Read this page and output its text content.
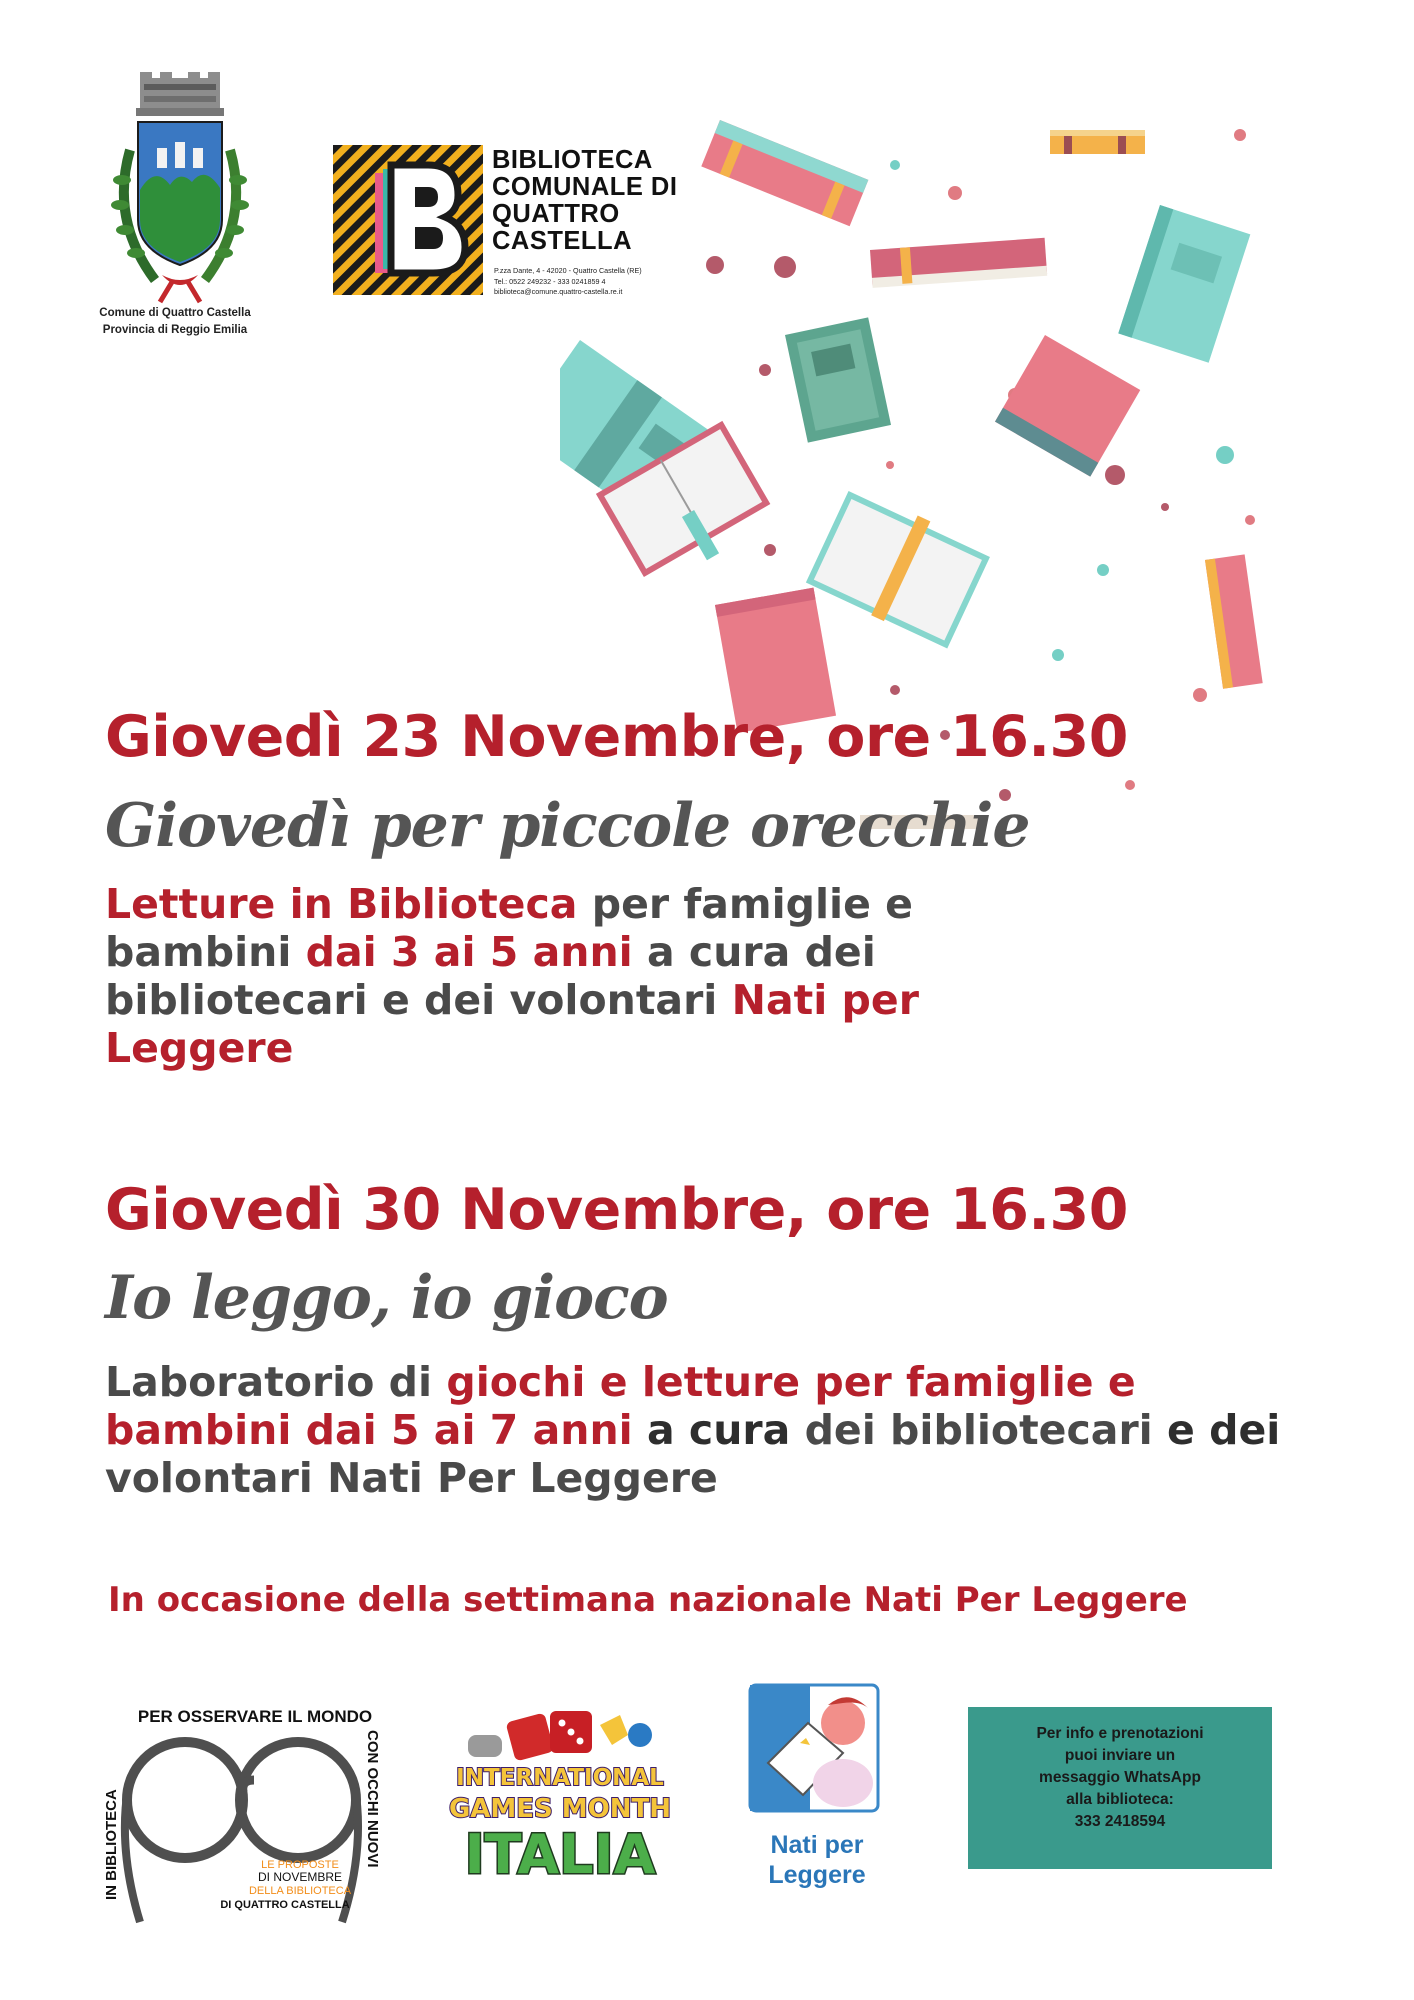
Comune di Quattro Castella
Provincia di Reggio Emilia
BIBLIOTECA
COMUNALE DI
QUATTRO
CASTELLA
P.zza Dante, 4 - 42020 - Quattro Castella (RE)
Tel.: 0522 249232 - 333 0241859 4
biblioteca@comune.quattro-castella.re.it
Giovedì 23 Novembre, ore 16.30
Giovedì per piccole orecchie
Letture in Biblioteca per famiglie e bambini dai 3 ai 5 anni a cura dei bibliotecari e dei volontari Nati per Leggere
Giovedì 30 Novembre, ore 16.30
Io leggo, io gioco
Laboratorio di giochi e letture per famiglie e bambini dai 5 ai 7 anni a cura dei bibliotecari e dei volontari Nati Per Leggere
In occasione della settimana nazionale Nati Per Leggere
PER OSSERVARE IL MONDO
IN BIBLIOTECA	CON OCCHI NUOVI
LE PROPOSTE
DI NOVEMBRE
DELLA BIBLIOTECA
DI QUATTRO CASTELLA
INTERNATIONAL
GAMES MONTH
ITALIA	Nati per
Leggere
Per info e prenotazioni
puoi inviare un
messaggio WhatsApp
alla biblioteca:
333 2418594
